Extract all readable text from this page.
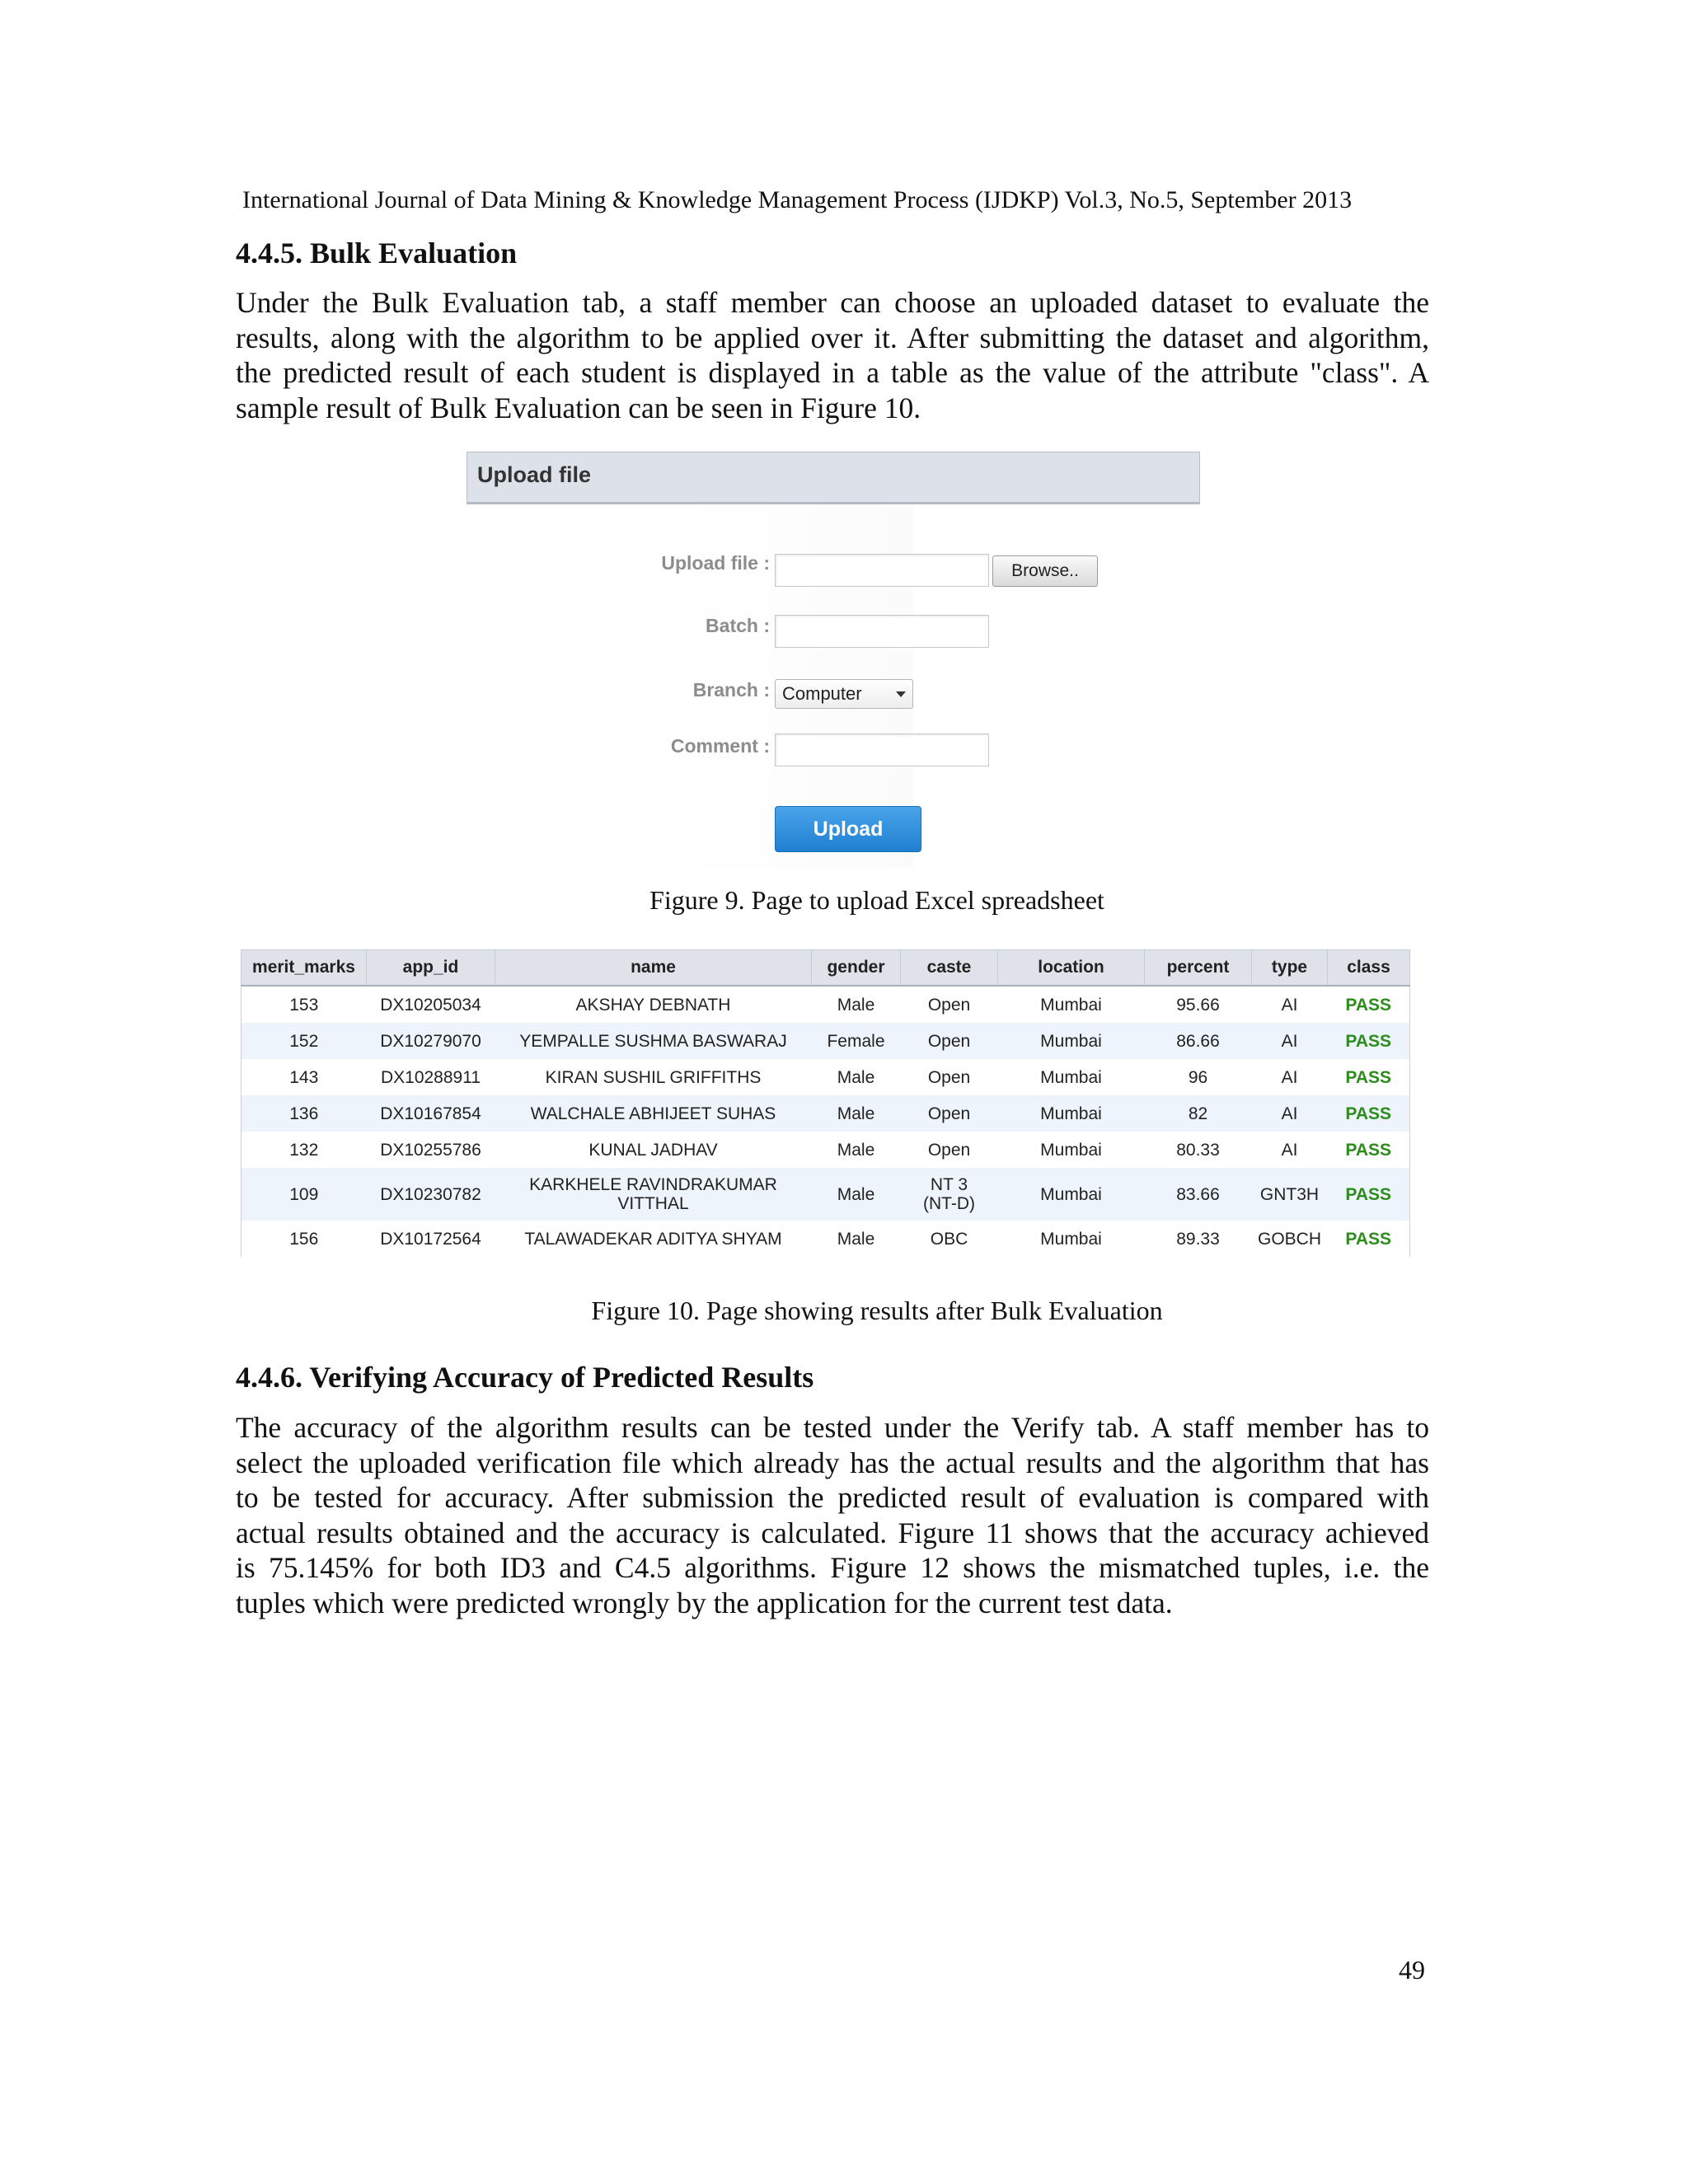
International Journal of Data Mining & Knowledge Management Process (IJDKP) Vol.3, No.5, September 2013
4.4.5. Bulk Evaluation
Under the Bulk Evaluation tab, a staff member can choose an uploaded dataset to evaluate the
results, along with the algorithm to be applied over it. After submitting the dataset and algorithm,
the predicted result of each student is displayed in a table as the value of the attribute "class". A
sample result of Bulk Evaluation can be seen in Figure 10.
Upload file
Upload file :	Browse..
Batch :
Branch : Computer
Comment :
Upload
Figure 9. Page to upload Excel spreadsheet
merit_marks	app_id	name	gender	caste	location	percent	type	class
153	DX10205034	AKSHAY DEBNATH	Male	Open	Mumbai	95.66	AI	PASS
152	DX10279070	YEMPALLE SUSHMA BASWARAJ	Female	Open	Mumbai	86.66	AI	PASS
143	DX10288911	KIRAN SUSHIL GRIFFITHS	Male	Open	Mumbai	96	AI	PASS
136	DX10167854	WALCHALE ABHIJEET SUHAS	Male	Open	Mumbai	82	AI	PASS
132	DX10255786	KUNAL JADHAV	Male	Open	Mumbai	80.33	AI	PASS
109	DX10230782	KARKHELE RAVINDRAKUMAR VITTHAL	Male	NT 3 (NT-D)	Mumbai	83.66	GNT3H	PASS
156	DX10172564	TALAWADEKAR ADITYA SHYAM	Male	OBC	Mumbai	89.33	GOBCH	PASS
Figure 10. Page showing results after Bulk Evaluation
4.4.6. Verifying Accuracy of Predicted Results
The accuracy of the algorithm results can be tested under the Verify tab. A staff member has to
select the uploaded verification file which already has the actual results and the algorithm that has
to be tested for accuracy. After submission the predicted result of evaluation is compared with
actual results obtained and the accuracy is calculated. Figure 11 shows that the accuracy achieved
is 75.145% for both ID3 and C4.5 algorithms. Figure 12 shows the mismatched tuples, i.e. the
tuples which were predicted wrongly by the application for the current test data.
49
